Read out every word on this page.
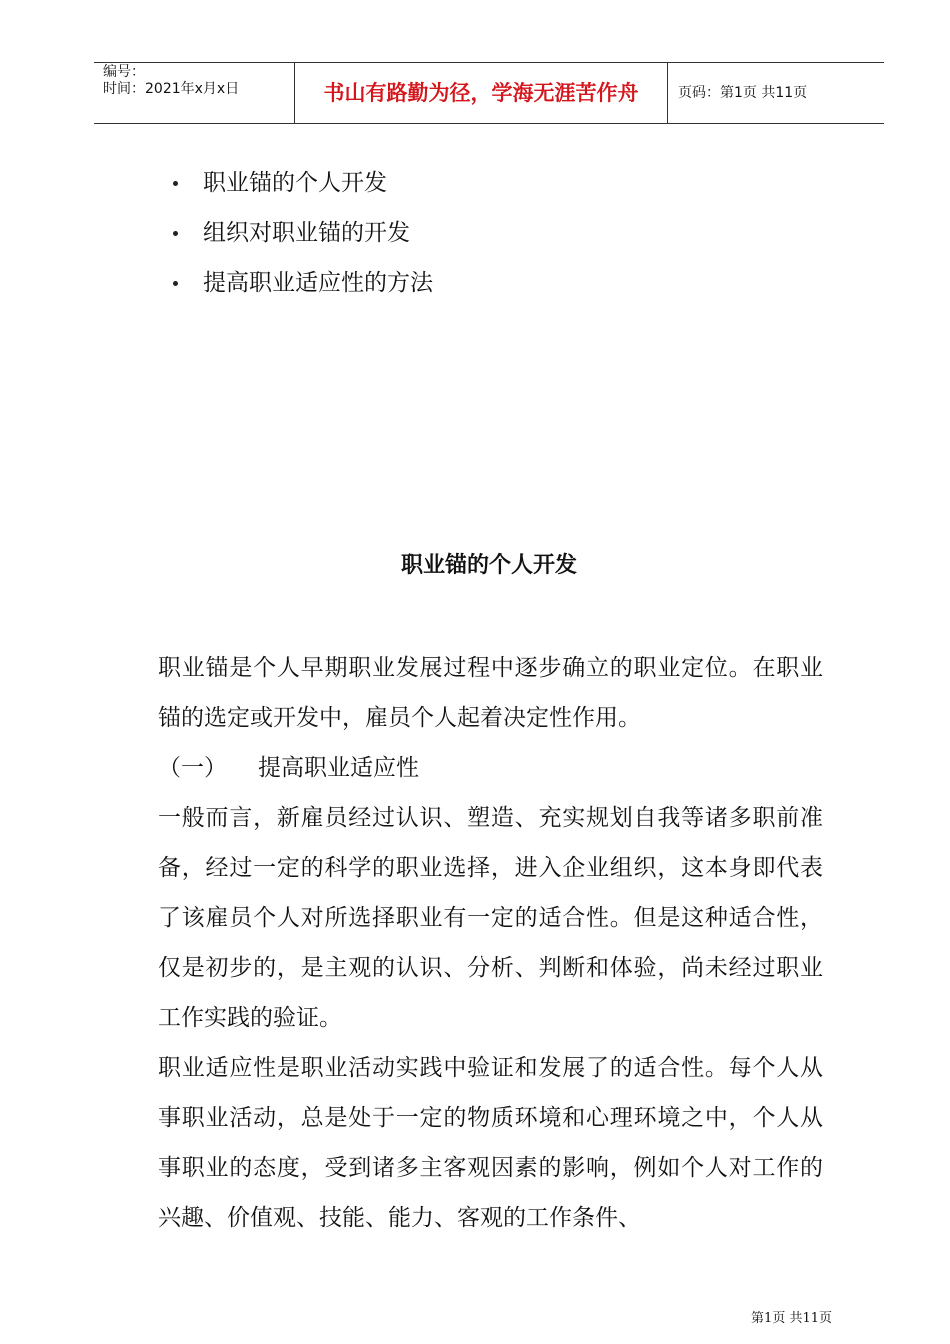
编号：
时间：2021年x月x日	书山有路勤为径，学海无涯苦作舟	页码：第1页 共11页
职业锚的个人开发
组织对职业锚的开发
提高职业适应性的方法
职业锚的个人开发

职业锚是个人早期职业发展过程中逐步确立的职业定位。在职业锚的选定或开发中，雇员个人起着决定性作用。

（一）	提高职业适应性

一般而言，新雇员经过认识、塑造、充实规划自我等诸多职前准备，经过一定的科学的职业选择，进入企业组织，这本身即代表了该雇员个人对所选择职业有一定的适合性。但是这种适合性，仅是初步的，是主观的认识、分析、判断和体验，尚未经过职业工作实践的验证。

职业适应性是职业活动实践中验证和发展了的适合性。每个人从事职业活动，总是处于一定的物质环境和心理环境之中，个人从事职业的态度，受到诸多主客观因素的影响，例如个人对工作的兴趣、价值观、技能、能力、客观的工作条件、

第1页 共11页
